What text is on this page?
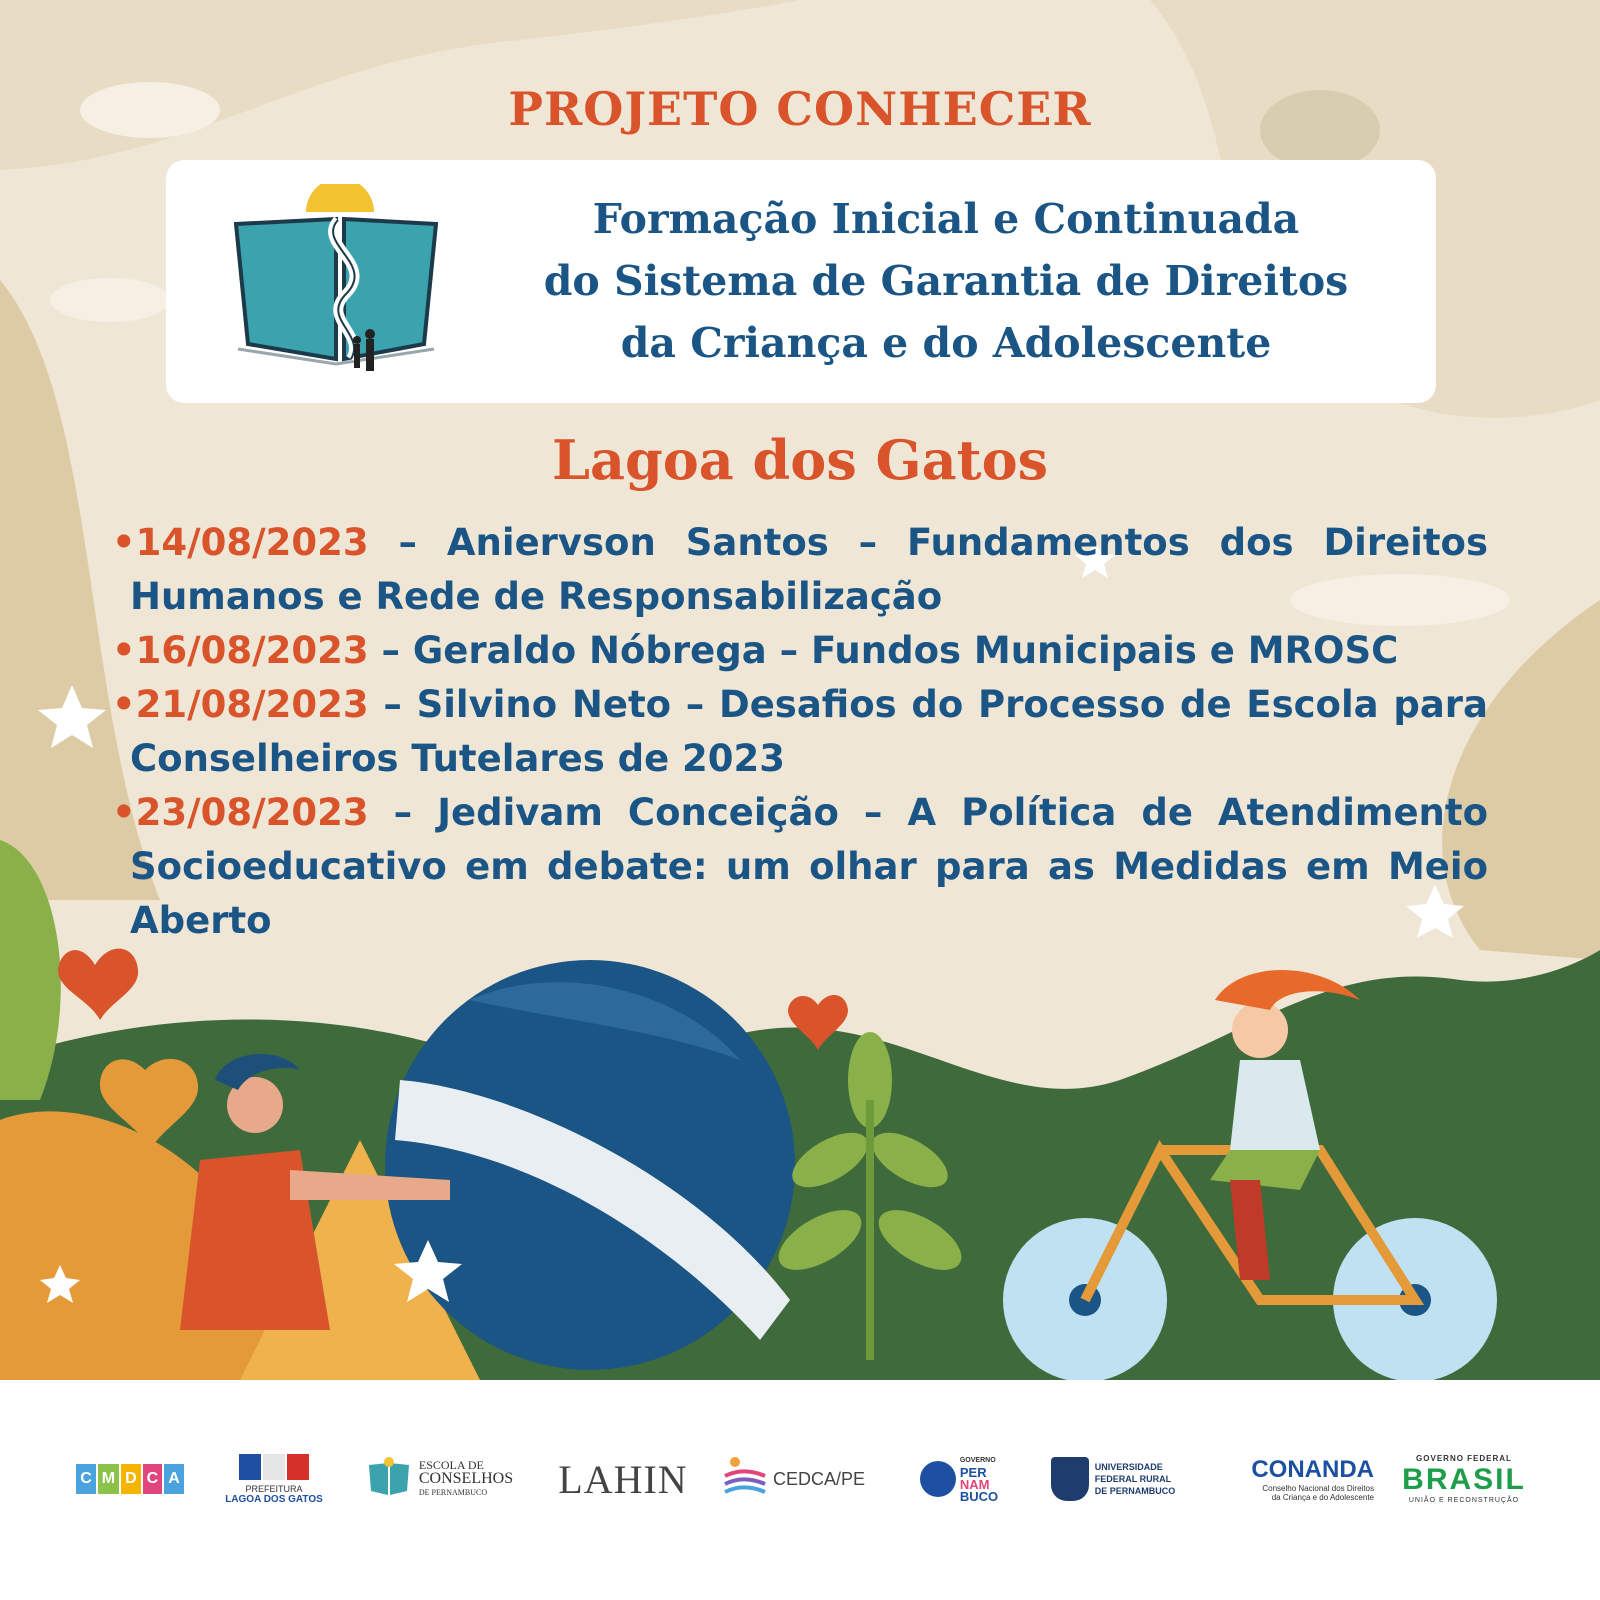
PROJETO CONHECER
Formação Inicial e Continuada
do Sistema de Garantia de Direitos
da Criança e do Adolescente
Lagoa dos Gatos
•14/08/2023 – Aniervson Santos – Fundamentos dos Direitos Humanos e Rede de Responsabilização
•16/08/2023 – Geraldo Nóbrega – Fundos Municipais e MROSC
•21/08/2023 – Silvino Neto – Desafios do Processo de Escola para Conselheiros Tutelares de 2023
•23/08/2023 – Jedivam Conceição – A Política de Atendimento Socioeducativo em debate: um olhar para as Medidas em Meio Aberto
C M D C A
PREFEITURA
LAGOA DOS GATOS
ESCOLA DE
CONSELHOS
DE PERNAMBUCO	LAHIN	CEDCA/PE
GOVERNO
PER
NAM
BUCO
UNIVERSIDADE
FEDERAL RURAL
DE PERNAMBUCO
CONANDA
Conselho Nacional dos Direitos
da Criança e do Adolescente
GOVERNO FEDERAL
BRASIL
UNIÃO E RECONSTRUÇÃO
